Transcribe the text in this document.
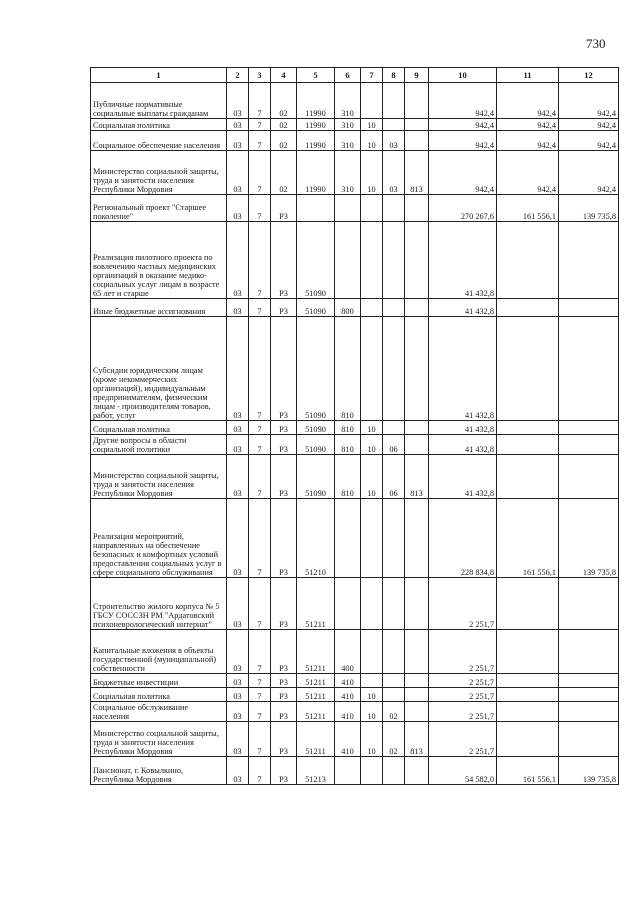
730
1	2	3	4	5	6	7	8	9	10	11	12
Публичные нормативные социальные выплаты гражданам	03	7	02	11990	310				942,4	942,4	942,4
Социальная политика	03	7	02	11990	310	10			942,4	942,4	942,4
Социальное обеспечение населения	03	7	02	11990	310	10	03		942,4	942,4	942,4
Министерство социальной защиты, труда и занятости населения Республики Мордовия	03	7	02	11990	310	10	03	813	942,4	942,4	942,4
Региональный проект "Старшее поколение"	03	7	Р3						270 267,6	161 556,1	139 735,8
Реализация пилотного проекта по вовлечению частных медицинских организаций в оказание медико-социальных услуг лицам в возрасте 65 лет и старше	03	7	Р3	51090					41 432,8		
Иные бюджетные ассигнования	03	7	Р3	51090	800				41 432,8		
Субсидии юридическим лицам (кроме некоммерческих организаций), индивидуальным предпринимателям, физическим лицам - производителям товаров, работ, услуг	03	7	Р3	51090	810				41 432,8		
Социальная политика	03	7	Р3	51090	810	10			41 432,8		
Другие вопросы в области социальной политики	03	7	Р3	51090	810	10	06		41 432,8		
Министерство социальной защиты, труда и занятости населения Республики Мордовия	03	7	Р3	51090	810	10	06	813	41 432,8		
Реализация мероприятий, направленных на обеспечение безопасных и комфортных условий предоставления социальных услуг в сфере социального обслуживания	03	7	Р3	51210					228 834,8	161 556,1	139 735,8
Строительство жилого корпуса № 5 ГБСУ СОССЗН РМ "Ардатовский психоневрологический интернат"	03	7	Р3	51211					2 251,7		
Капитальные вложения в объекты государственной (муниципальной) собственности	03	7	Р3	51211	400				2 251,7		
Бюджетные инвестиции	03	7	Р3	51211	410				2 251,7		
Социальная политика	03	7	Р3	51211	410	10			2 251,7		
Социальное обслуживание населения	03	7	Р3	51211	410	10	02		2 251,7		
Министерство социальной защиты, труда и занятости населения Республики Мордовия	03	7	Р3	51211	410	10	02	813	2 251,7		
Пансионат, г. Ковылкино, Республика Мордовия	03	7	Р3	51213					54 582,0	161 556,1	139 735,8
